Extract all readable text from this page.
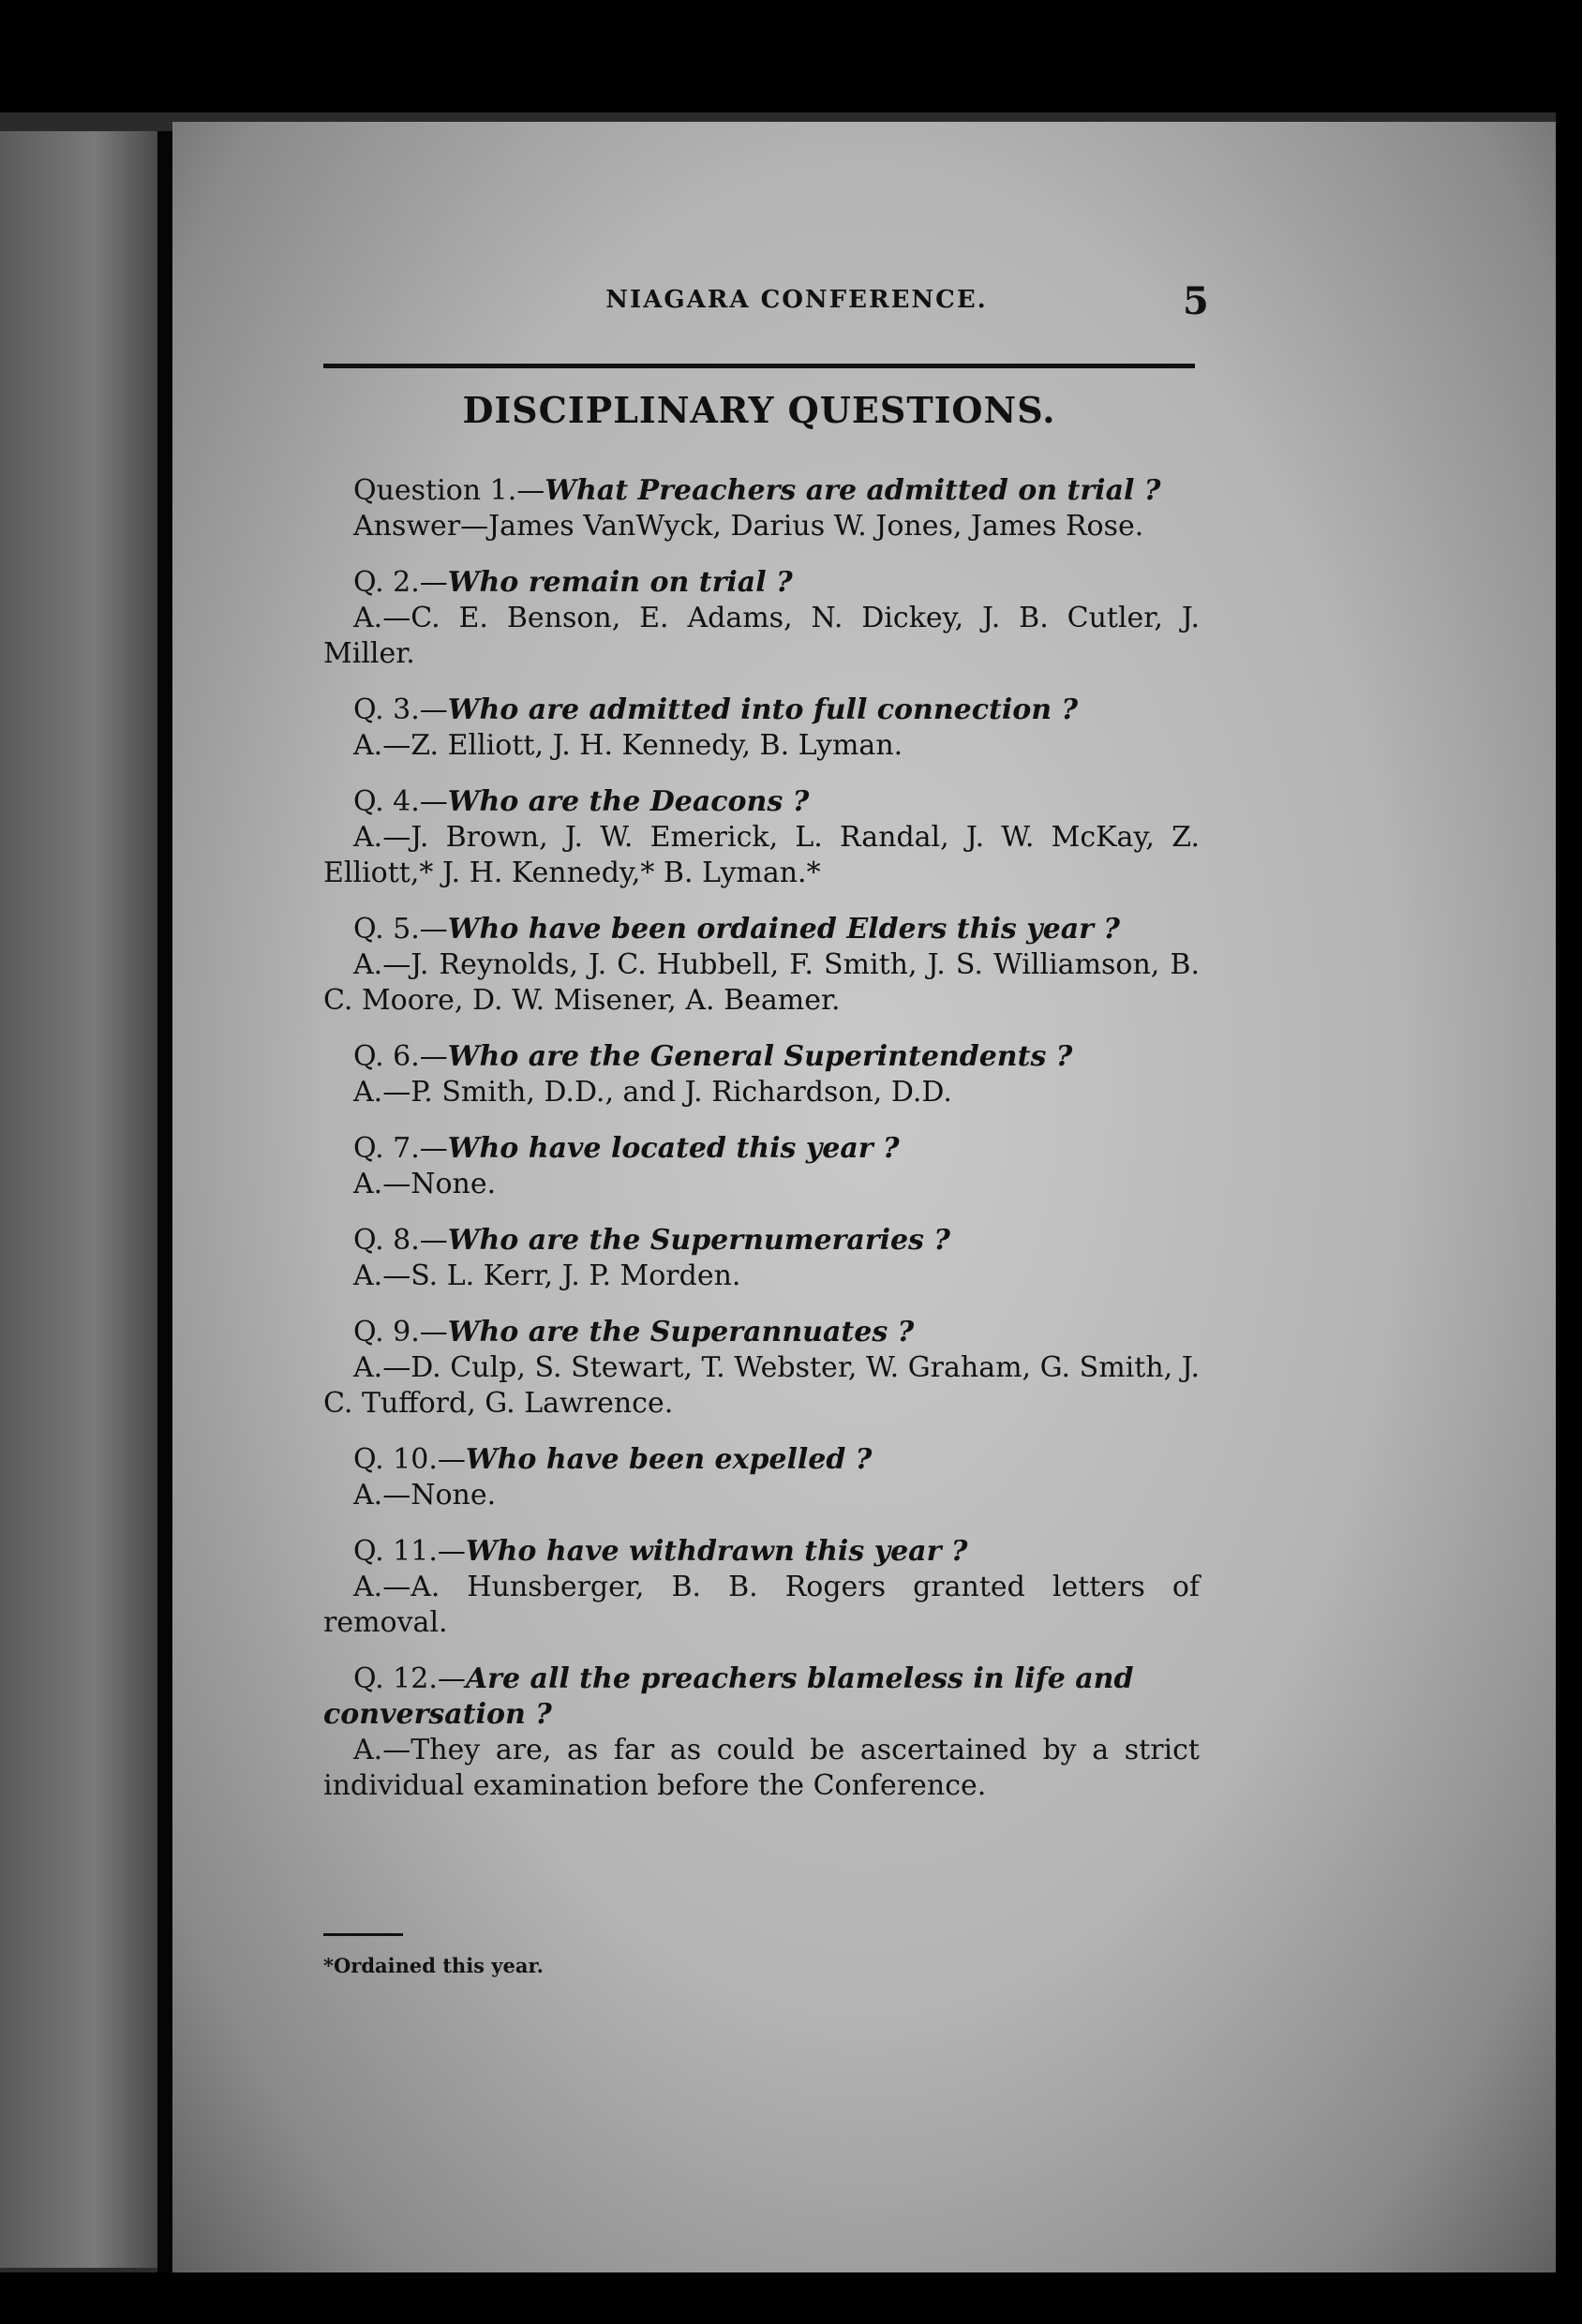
NIAGARA CONFERENCE.	5
DISCIPLINARY QUESTIONS.

Question 1.—What Preachers are admitted on trial ?

Answer—James VanWyck, Darius W. Jones, James Rose.

Q. 2.—Who remain on trial ?

A.—C. E. Benson, E. Adams, N. Dickey, J. B. Cutler, J. Miller.

Q. 3.—Who are admitted into full connection ?

A.—Z. Elliott, J. H. Kennedy, B. Lyman.

Q. 4.—Who are the Deacons ?

A.—J. Brown, J. W. Emerick, L. Randal, J. W. McKay, Z. Elliott,* J. H. Kennedy,* B. Lyman.*

Q. 5.—Who have been ordained Elders this year ?

A.—J. Reynolds, J. C. Hubbell, F. Smith, J. S. Williamson, B. C. Moore, D. W. Misener, A. Beamer.

Q. 6.—Who are the General Superintendents ?

A.—P. Smith, D.D., and J. Richardson, D.D.

Q. 7.—Who have located this year ?

A.—None.

Q. 8.—Who are the Supernumeraries ?

A.—S. L. Kerr, J. P. Morden.

Q. 9.—Who are the Superannuates ?

A.—D. Culp, S. Stewart, T. Webster, W. Graham, G. Smith, J. C. Tufford, G. Lawrence.

Q. 10.—Who have been expelled ?

A.—None.

Q. 11.—Who have withdrawn this year ?

A.—A. Hunsberger, B. B. Rogers granted letters of removal.

Q. 12.—Are all the preachers blameless in life and conversation ?

A.—They are, as far as could be ascertained by a strict individual examination before the Conference.

*Ordained this year.
